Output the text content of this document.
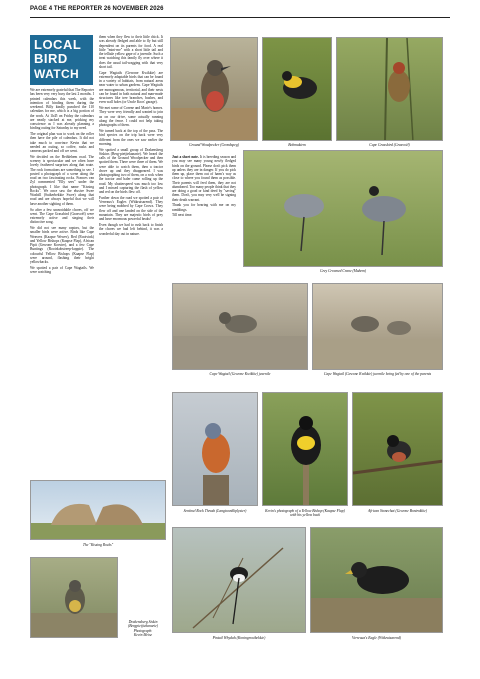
PAGE 4 THE REPORTER 26 NOVEMBER 2026
LOCAL
BIRD
WATCH

We are extremely grateful that The Reporter has been very very busy the last 2 months. I printed calendars this week, with the intention of binding them during the weekend. Billy kindly punched the 110 calendars for me, which is a big portion of the work. At 1h45 on Friday the calendars are neatly stacked at me, pricking my conscience as I was already planning a birding outing for Saturday to my need.

The original plan was to work on the roller then have the pile of calendars. It did not take much to convince Kevin that we needed an outing, so coffee, rusks and cameras packed and off we went.

We decided on the Bethlehem road. The scenery is spectacular and we often have lovely feathered surprises along that route. The rock formations are something to see. I posted a photograph of a scene along the road on two fascinating rocks. Frances van Zyl commented "Elly sees" under the photograph. I like that name "Kissing Rocks". We once saw the elusive Swee Waxbill (Suikerbekkie Swee) along that road and are always hopeful that we will have another sighting of them.

So after a few unavoidable chores, off we went. The Cape Grassbird (Grasvoël) were extremely active and singing their distinctive song.

We did not see many raptors, but the smaller birds were active. Birds like Cape Weavers (Kaapse Wewer), Red (Rooivink) and Yellow Bishops (Kaapse Flap), African Pipit (Gewone Koester), and a few Cape Buntings (Rooirkobstreep-koppie). The colourful Yellow Bishops (Kaapse Flap) were around, flashing their bright yellowbacks.

We spotted a pair of Cape Wagtails. We were watching

them when they flew to their little chick. It was already fledged and able to fly but still dependent on its parents for food. A real little "mini-me" with a short little tail and the telltale yellow gape of a juvenile. Such a treat watching this family fly over where it does the usual tail-wagging with that very short tail.

Cape Wagtails (Gewone Kwikkie) are extremely adaptable birds that can be found in a variety of habitats, from natural areas near water to urban gardens. Cape Wagtails are monogamous, territorial, and their nests can be found in both natural and man-made structures like tree branches, bushes, and even wall holes (or Uncle Koos' garage).

We met some of Corene and Marie's homes. They were very friendly and wanted to join us on our drive, some actually running along the fence. I could not help taking photographs of them.

We turned back at the top of the pass. The bird species on the trip back were very different from the ones we saw earlier the morning.

We spotted a small group of Drakensberg Siskins (Berg-pietjiekanarie). We heard the calls of the Ground Woodpecker and then spotted them. There were three of them. We were able to watch them, then a tractor drove up and they disappeared. I was photographing two of them, on a rock when the tractor and baler came rolling up the road. My shutterspeed was much too low and I missed capturing the flash of yellow and red on the birds flew off.

Further down the road we spotted a pair of Verreaux's Eagles (Witkruisarend). They were being mobbed by Cape Crows. They flew off and one landed on the side of the mountain. They are majestic birds of prey and have enormous powerful beaks!

Even though we had to rush back to finish the chores we had left behind, it was a wonderful day out in nature.

Just a short note. It is breeding season and you may see many young newly fledged birds on the ground. Please don't pick them up unless they are in danger. If you do pick them up, place them out of harm's way as close to where you found them as possible. Their parents will feed them, they are not abandoned. Too many people think that they are doing a good or kind deed by "saving" them. Don't, you may very well be signing their death warrant.

Thank you for bearing with me on my ramblings.

Till next time.

Ground Woodpecker (Grondspeg)	Bobmakiem	Cape Grassbird (Grasvoël)
Grey Crowned Crane (Mahem)
Cape Wagtail (Gewone Kwikkie) juvenile	Cape Wagtail (Gewone Kwikkie) juvenile being fed by one of the parents
Sentinel Rock Thrush (Langtoonkliplyster)	Kevin's photograph of a Yellow Bishop (Kaapse Flap) with his yellow back
African Stonechat (Gewone Bontrokkie)
The "Kissing Rocks"
Drakensberg Siskin
(Bergpietjiekanarie)
Photograph:
Kevin Meise
Pintail Whydah (Koningrooibekkie)	Verreaux's Eagle (Witkruisarend)
